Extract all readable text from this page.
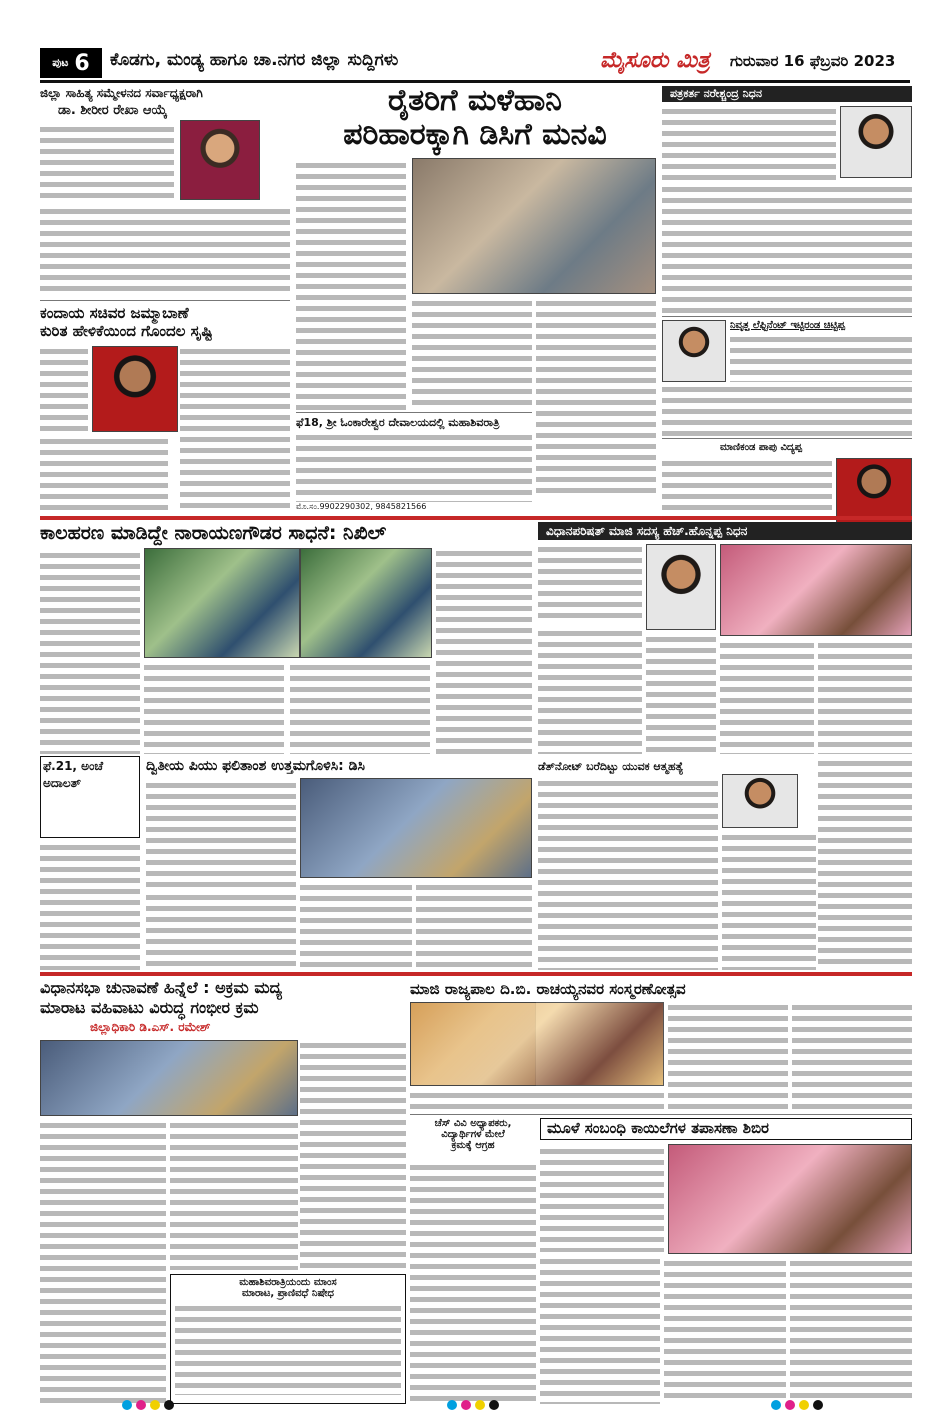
ಪುಟ 6 ಕೊಡಗು, ಮಂಡ್ಯ ಹಾಗೂ ಚಾ.ನಗರ ಜಿಲ್ಲಾ ಸುದ್ದಿಗಳು	ಮೈಸೂರು ಮಿತ್ರ ಗುರುವಾರ 16 ಫೆಬ್ರವರಿ 2023
ಜಿಲ್ಲಾ ಸಾಹಿತ್ಯ ಸಮ್ಮೇಳನದ ಸರ್ವಾಧ್ಯಕ್ಷರಾಗಿ
ಡಾ. ಶೀರೀರ ರೇಖಾ ಆಯ್ಕೆ
ಕಂದಾಯ ಸಚಿವರ ಜಮ್ಮಾಬಾಣೆ
ಕುರಿತ ಹೇಳಿಕೆಯಿಂದ ಗೊಂದಲ ಸೃಷ್ಟಿ
ರೈತರಿಗೆ ಮಳೆಹಾನಿ
ಪರಿಹಾರಕ್ಕಾಗಿ ಡಿಸಿಗೆ ಮನವಿ
ಫೆ18, ಶ್ರೀ ಓಂಕಾರೇಶ್ವರ ದೇವಾಲಯದಲ್ಲಿ ಮಹಾಶಿವರಾತ್ರಿ
ಮೊ.ಸಂ.9902290302, 9845821566
ಪತ್ರಕರ್ತ ನರೇಶ್ಚಂದ್ರ ನಿಧನ
ನಿವೃತ್ತ ಲೆಫ್ಟಿನೆಂಟ್ ಇಟ್ಟಿರಂಡ ಚಿಟ್ಟಿಪ್ಪ
ಮಾಣಿಕಂಡ ಪಾಪು ವಿದ್ಯಪ್ಪ
ಕಾಲಹರಣ ಮಾಡಿದ್ದೇ ನಾರಾಯಣಗೌಡರ ಸಾಧನೆ: ನಿಖಿಲ್	ವಿಧಾನಪರಿಷತ್ ಮಾಜಿ ಸದಸ್ಯ ಹೆಚ್.ಹೊನ್ನಪ್ಪ ನಿಧನ
ಫೆ.21, ಅಂಚೆ
ಅದಾಲತ್
ದ್ವಿತೀಯ ಪಿಯು ಫಲಿತಾಂಶ ಉತ್ತಮಗೊಳಿಸಿ: ಡಿಸಿ	ಡೆತ್‌ನೋಟ್ ಬರೆದಿಟ್ಟು ಯುವಕ ಆತ್ಮಹತ್ಯೆ
ವಿಧಾನಸಭಾ ಚುನಾವಣೆ ಹಿನ್ನೆಲೆ : ಅಕ್ರಮ ಮದ್ಯ
ಮಾರಾಟ ವಹಿವಾಟು ವಿರುದ್ಧ ಗಂಭೀರ ಕ್ರಮ
ಜಿಲ್ಲಾಧಿಕಾರಿ ಡಿ.ಎಸ್. ರಮೇಶ್
ಮಹಾಶಿವರಾತ್ರಿಯಂದು ಮಾಂಸ
ಮಾರಾಟ, ಪ್ರಾಣಿವಧೆ ನಿಷೇಧ
ಮಾಜಿ ರಾಜ್ಯಪಾಲ ದಿ.ಬಿ. ರಾಚಯ್ಯನವರ ಸಂಸ್ಮರಣೋತ್ಸವ
ಚೆಸ್ ವಿವಿ ಅಧ್ಯಾಪಕರು,
ವಿದ್ಯಾರ್ಥಿಗಳ ಮೇಲೆ
ಕ್ರಮಕ್ಕೆ ಆಗ್ರಹ
ಮೂಳೆ ಸಂಬಂಧಿ ಕಾಯಿಲೆಗಳ ತಪಾಸಣಾ ಶಿಬಿರ
